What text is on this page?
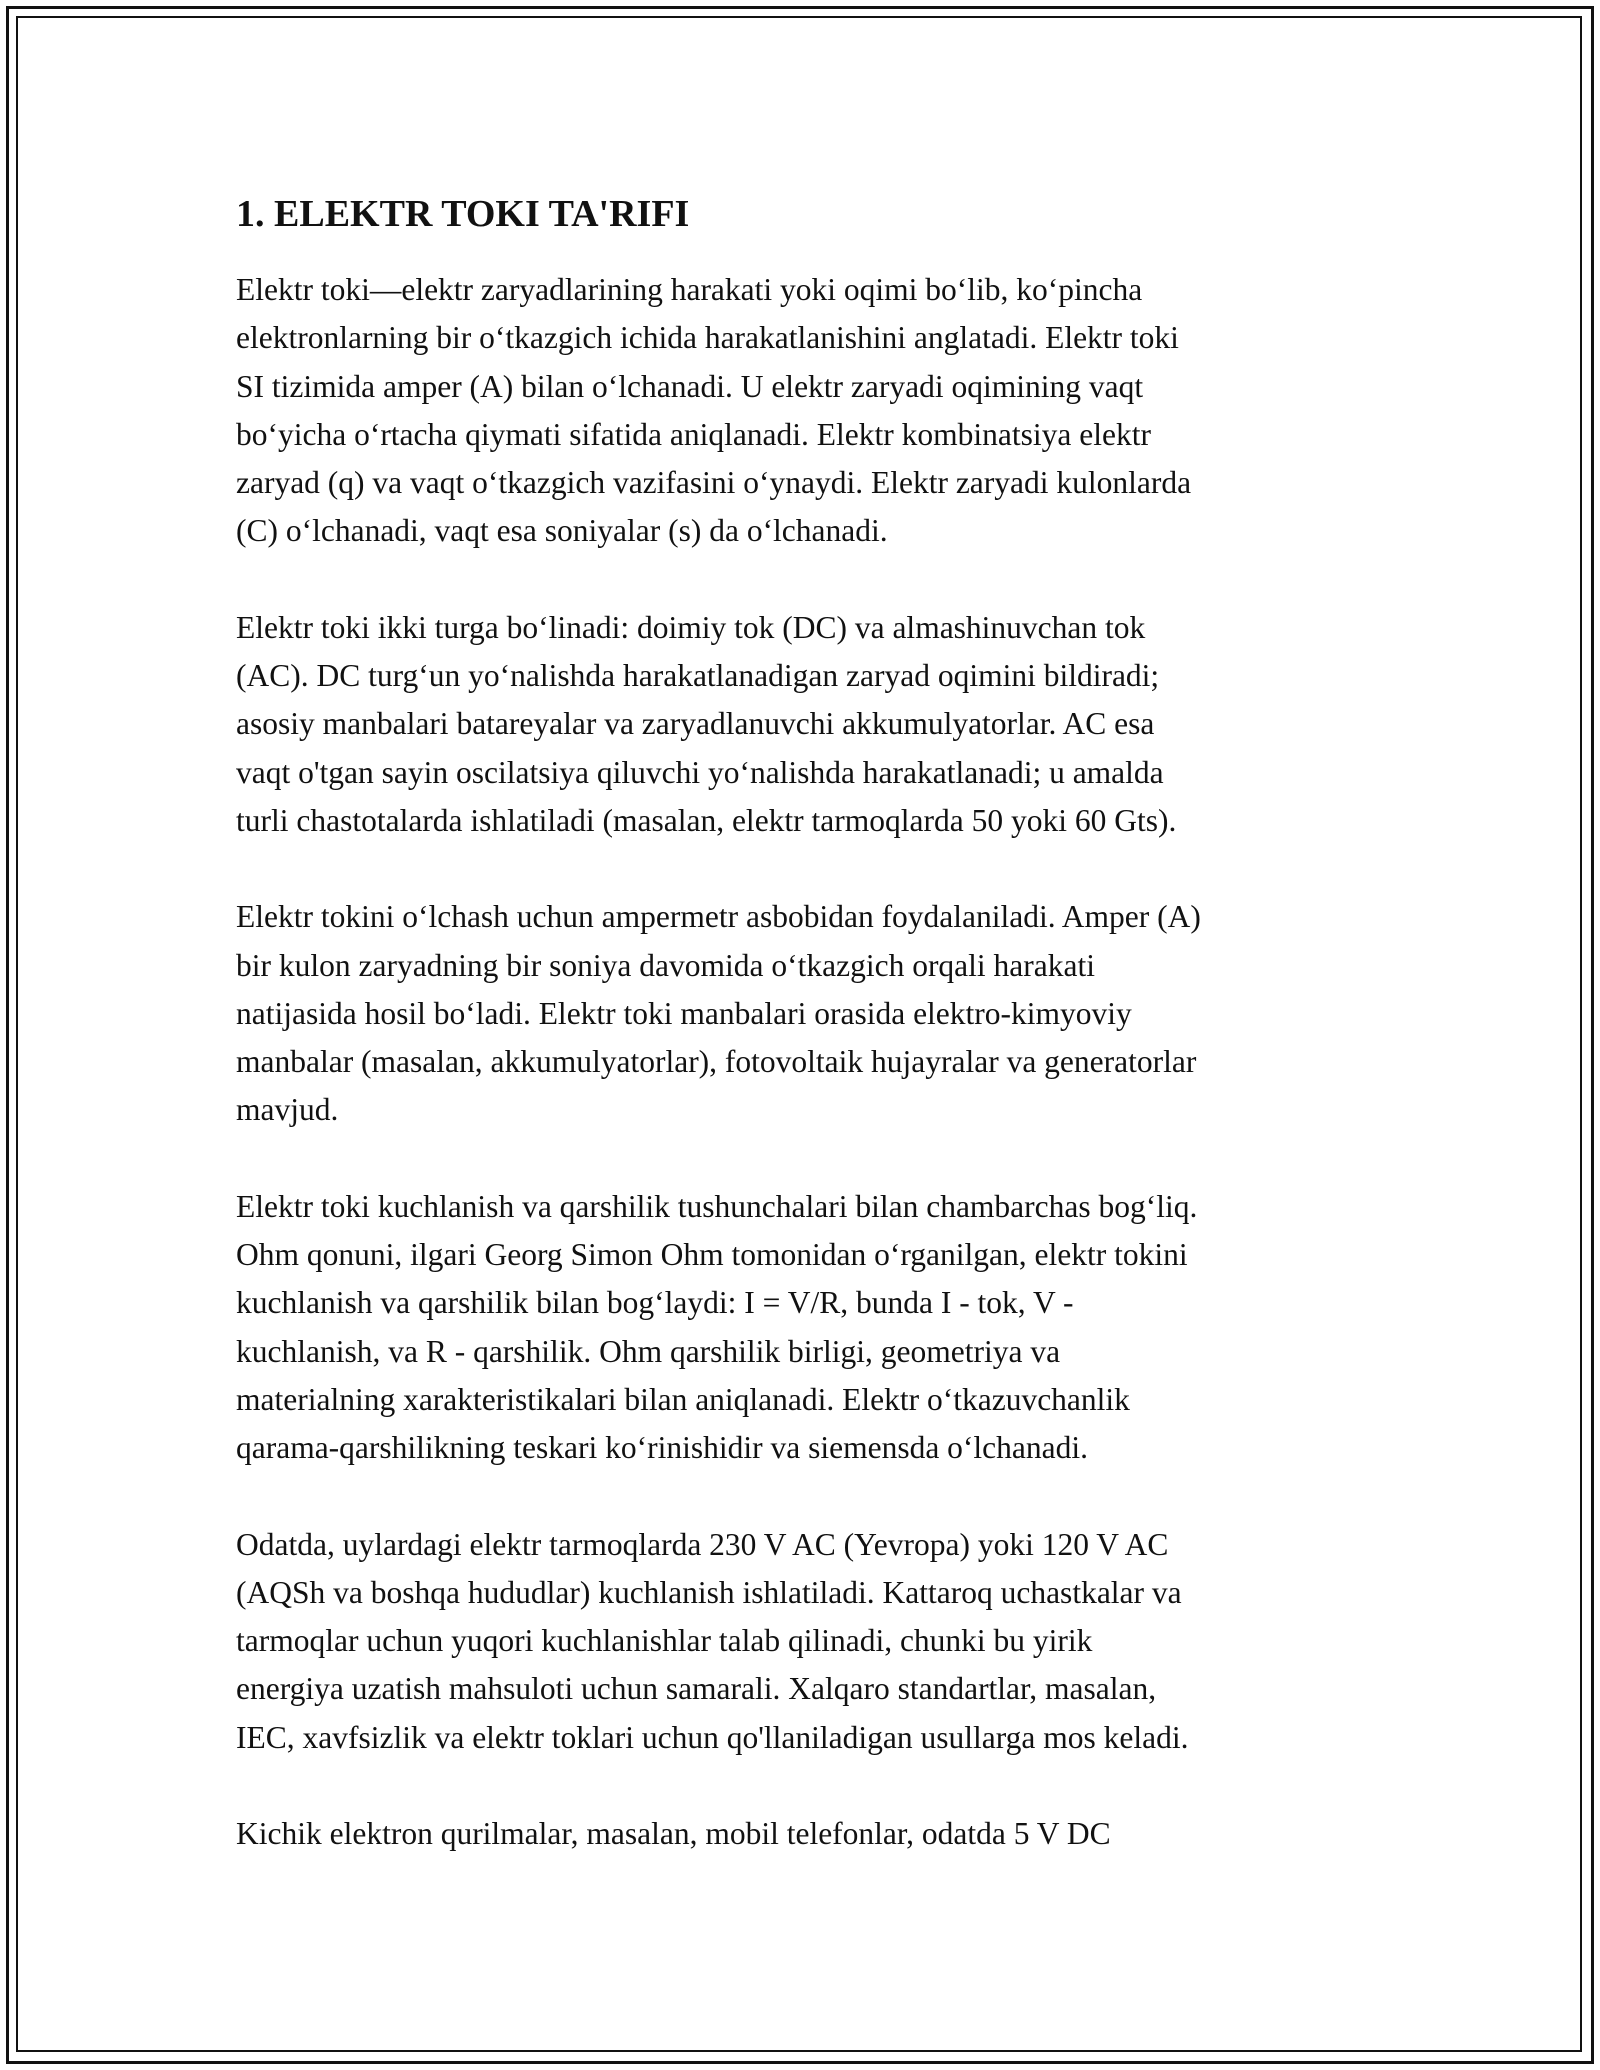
1. ELEKTR TOKI TA'RIFI

Elektr toki—elektr zaryadlarining harakati yoki oqimi bo‘lib, ko‘pincha
elektronlarning bir o‘tkazgich ichida harakatlanishini anglatadi. Elektr toki
SI tizimida amper (A) bilan o‘lchanadi. U elektr zaryadi oqimining vaqt
bo‘yicha o‘rtacha qiymati sifatida aniqlanadi. Elektr kombinatsiya elektr
zaryad (q) va vaqt o‘tkazgich vazifasini o‘ynaydi. Elektr zaryadi kulonlarda
(C) o‘lchanadi, vaqt esa soniyalar (s) da o‘lchanadi.

Elektr toki ikki turga bo‘linadi: doimiy tok (DC) va almashinuvchan tok
(AC). DC turg‘un yo‘nalishda harakatlanadigan zaryad oqimini bildiradi;
asosiy manbalari batareyalar va zaryadlanuvchi akkumulyatorlar. AC esa
vaqt o'tgan sayin oscilatsiya qiluvchi yo‘nalishda harakatlanadi; u amalda
turli chastotalarda ishlatiladi (masalan, elektr tarmoqlarda 50 yoki 60 Gts).

Elektr tokini o‘lchash uchun ampermetr asbobidan foydalaniladi. Amper (A)
bir kulon zaryadning bir soniya davomida o‘tkazgich orqali harakati
natijasida hosil bo‘ladi. Elektr toki manbalari orasida elektro-kimyoviy
manbalar (masalan, akkumulyatorlar), fotovoltaik hujayralar va generatorlar
mavjud.

Elektr toki kuchlanish va qarshilik tushunchalari bilan chambarchas bog‘liq.
Ohm qonuni, ilgari Georg Simon Ohm tomonidan o‘rganilgan, elektr tokini
kuchlanish va qarshilik bilan bog‘laydi: I = V/R, bunda I - tok, V -
kuchlanish, va R - qarshilik. Ohm qarshilik birligi, geometriya va
materialning xarakteristikalari bilan aniqlanadi. Elektr o‘tkazuvchanlik
qarama-qarshilikning teskari ko‘rinishidir va siemensda o‘lchanadi.

Odatda, uylardagi elektr tarmoqlarda 230 V AC (Yevropa) yoki 120 V AC
(AQSh va boshqa hududlar) kuchlanish ishlatiladi. Kattaroq uchastkalar va
tarmoqlar uchun yuqori kuchlanishlar talab qilinadi, chunki bu yirik
energiya uzatish mahsuloti uchun samarali. Xalqaro standartlar, masalan,
IEC, xavfsizlik va elektr toklari uchun qo'llaniladigan usullarga mos keladi.

Kichik elektron qurilmalar, masalan, mobil telefonlar, odatda 5 V DC
